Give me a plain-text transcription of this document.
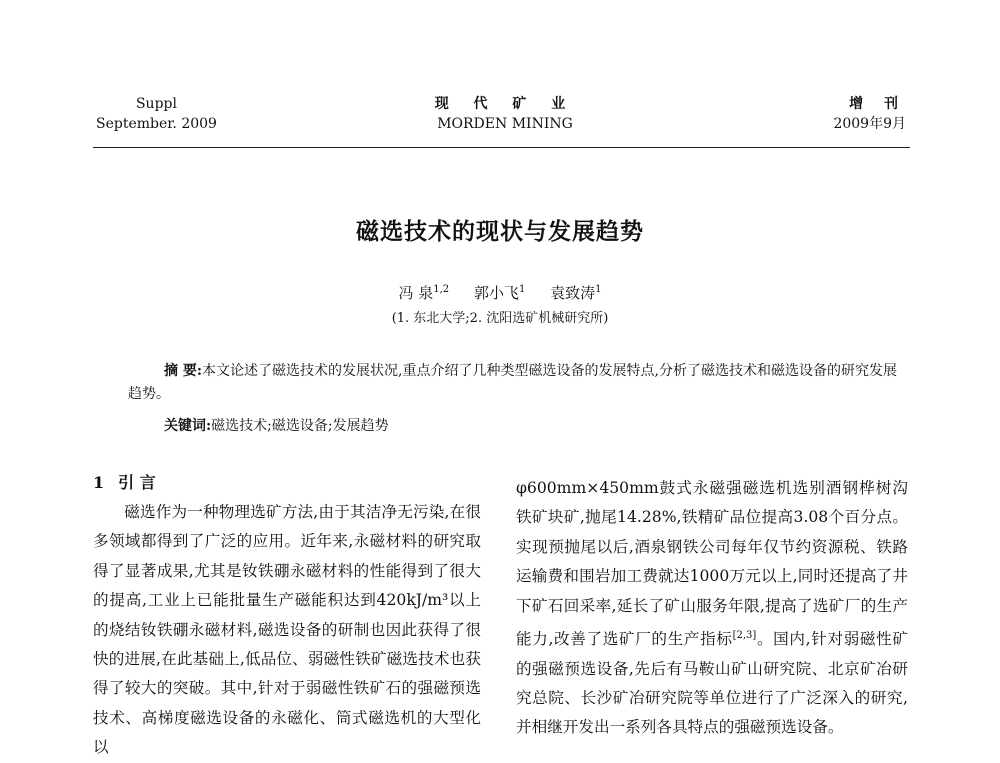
Suppl
September. 2009
现 代 矿 业
MORDEN MINING
增 刊
2009年9月
磁选技术的现状与发展趋势
冯 泉$^{1,2}$ 郭小飞$^1$ 袁致涛$^1$
(1. 东北大学;2. 沈阳选矿机械研究所)
摘 要:本文论述了磁选技术的发展状况,重点介绍了几种类型磁选设备的发展特点,分析了磁选技术和磁选设备的研究发展趋势。
关键词:磁选技术;磁选设备;发展趋势
1 引 言

磁选作为一种物理选矿方法,由于其洁净无污染,在很多领域都得到了广泛的应用。近年来,永磁材料的研究取得了显著成果,尤其是钕铁硼永磁材料的性能得到了很大的提高,工业上已能批量生产磁能积达到420kJ/m³以上的烧结钕铁硼永磁材料,磁选设备的研制也因此获得了很快的进展,在此基础上,低品位、弱磁性铁矿磁选技术也获得了较大的突破。其中,针对于弱磁性铁矿石的强磁预选技术、高梯度磁选设备的永磁化、筒式磁选机的大型化以

φ600mm×450mm鼓式永磁强磁选机选别酒钢桦树沟铁矿块矿,抛尾14.28%,铁精矿品位提高3.08个百分点。实现预抛尾以后,酒泉钢铁公司每年仅节约资源税、铁路运输费和围岩加工费就达1000万元以上,同时还提高了井下矿石回采率,延长了矿山服务年限,提高了选矿厂的生产能力,改善了选矿厂的生产指标[2,3]。国内,针对弱磁性矿的强磁预选设备,先后有马鞍山矿山研究院、北京矿冶研究总院、长沙矿冶研究院等单位进行了广泛深入的研究,并相继开发出一系列各具特点的强磁预选设备。
